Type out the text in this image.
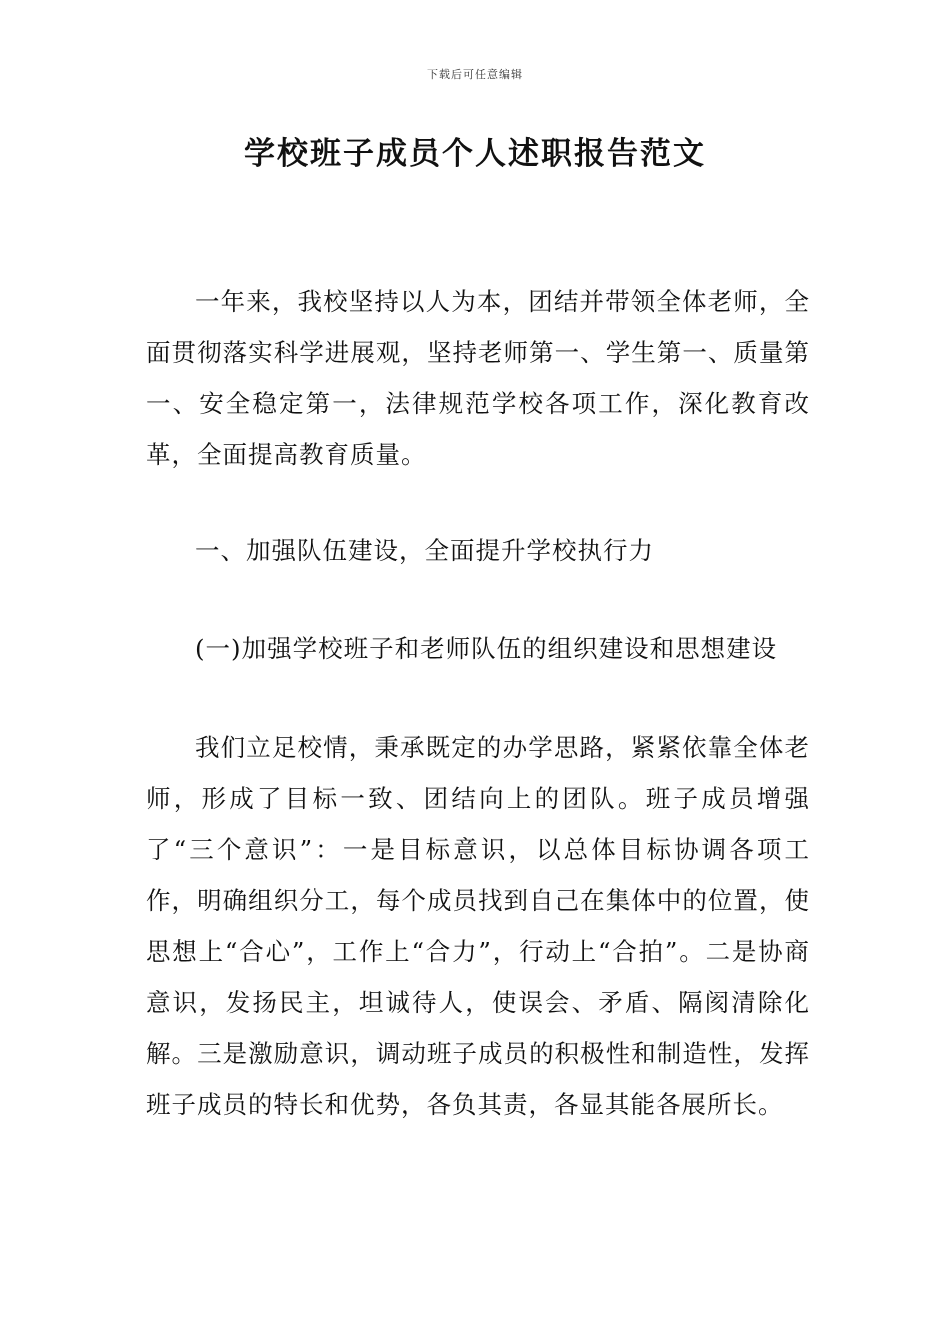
下载后可任意编辑
学校班子成员个人述职报告范文

一年来，我校坚持以人为本，团结并带领全体老师，全面贯彻落实科学进展观，坚持老师第一、学生第一、质量第一、安全稳定第一，法律规范学校各项工作，深化教育改革，全面提高教育质量。

一、加强队伍建设，全面提升学校执行力

(一)加强学校班子和老师队伍的组织建设和思想建设

我们立足校情，秉承既定的办学思路，紧紧依靠全体老师，形成了目标一致、团结向上的团队。班子成员增强了“三个意识”：一是目标意识，以总体目标协调各项工作，明确组织分工，每个成员找到自己在集体中的位置，使思想上“合心”，工作上“合力”，行动上“合拍”。二是协商意识，发扬民主，坦诚待人，使误会、矛盾、隔阂清除化解。三是激励意识，调动班子成员的积极性和制造性，发挥班子成员的特长和优势，各负其责，各显其能各展所长。
